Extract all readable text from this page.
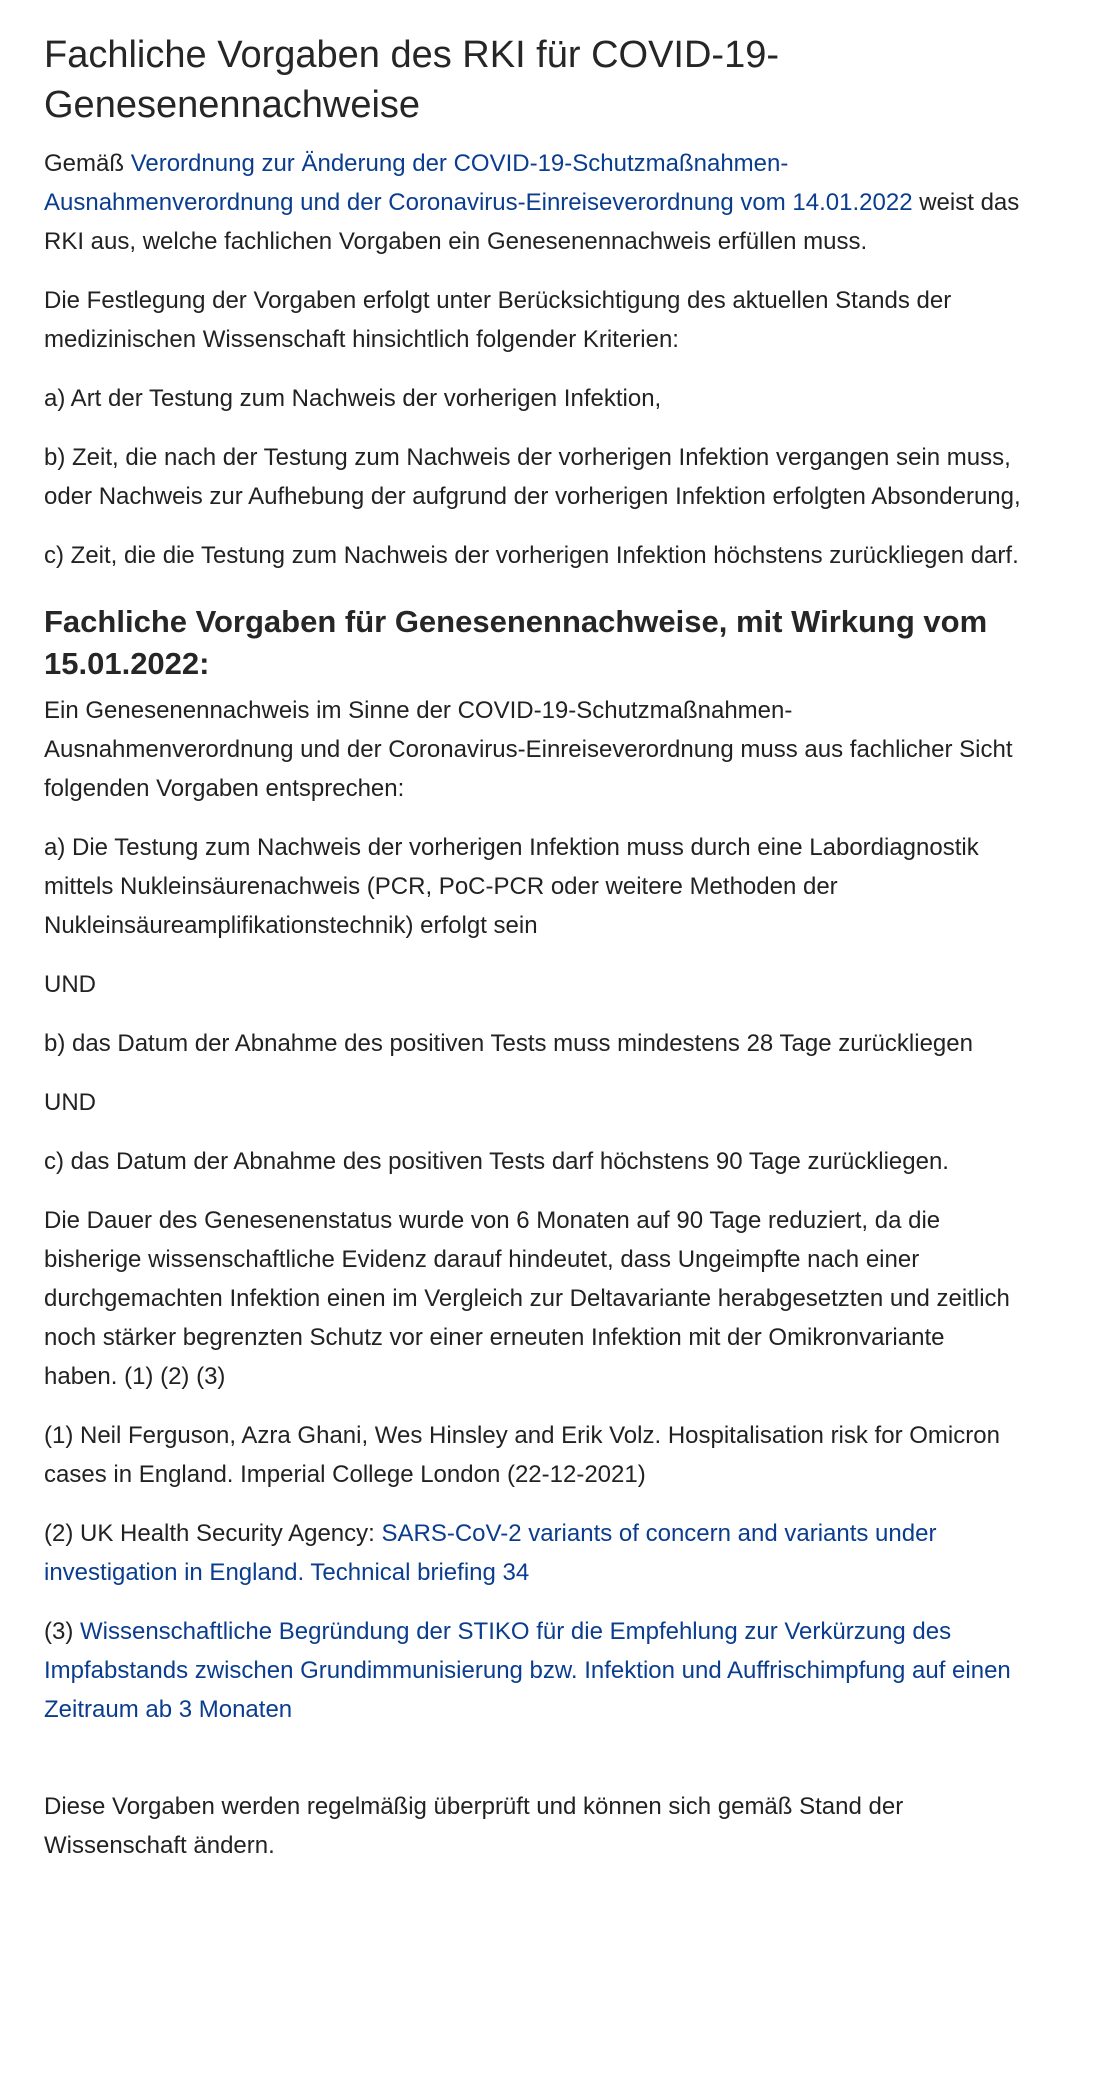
Fachliche Vorgaben des RKI für COVID-19-Genesenennachweise

Gemäß Verordnung zur Änderung der COVID-19-Schutzmaßnahmen-Ausnahmenverordnung und der Coronavirus-Einreiseverordnung vom 14.01.2022 weist das RKI aus, welche fachlichen Vorgaben ein Genesenennachweis erfüllen muss.

Die Festlegung der Vorgaben erfolgt unter Berücksichtigung des aktuellen Stands der medizinischen Wissenschaft hinsichtlich folgender Kriterien:

a) Art der Testung zum Nachweis der vorherigen Infektion,

b) Zeit, die nach der Testung zum Nachweis der vorherigen Infektion vergangen sein muss, oder Nachweis zur Aufhebung der aufgrund der vorherigen Infektion erfolgten Absonderung,

c) Zeit, die die Testung zum Nachweis der vorherigen Infektion höchstens zurückliegen darf.

Fachliche Vorgaben für Genesenennachweise, mit Wirkung vom 15.01.2022:

Ein Genesenennachweis im Sinne der COVID-19-Schutzmaßnahmen-Ausnahmenverordnung und der Coronavirus-Einreiseverordnung muss aus fachlicher Sicht folgenden Vorgaben entsprechen:

a) Die Testung zum Nachweis der vorherigen Infektion muss durch eine Labordiagnostik mittels Nukleinsäurenachweis (PCR, PoC-PCR oder weitere Methoden der Nukleinsäureamplifikationstechnik) erfolgt sein

UND

b) das Datum der Abnahme des positiven Tests muss mindestens 28 Tage zurückliegen

UND

c) das Datum der Abnahme des positiven Tests darf höchstens 90 Tage zurückliegen.

Die Dauer des Genesenenstatus wurde von 6 Monaten auf 90 Tage reduziert, da die bisherige wissenschaftliche Evidenz darauf hindeutet, dass Ungeimpfte nach einer durchgemachten Infektion einen im Vergleich zur Deltavariante herabgesetzten und zeitlich noch stärker begrenzten Schutz vor einer erneuten Infektion mit der Omikronvariante haben. (1) (2) (3)

(1) Neil Ferguson, Azra Ghani, Wes Hinsley and Erik Volz. Hospitalisation risk for Omicron cases in England. Imperial College London (22-12-2021)

(2) UK Health Security Agency: SARS-CoV-2 variants of concern and variants under investigation in England. Technical briefing 34

(3) Wissenschaftliche Begründung der STIKO für die Empfehlung zur Verkürzung des Impfabstands zwischen Grundimmunisierung bzw. Infektion und Auffrischimpfung auf einen Zeitraum ab 3 Monaten

Diese Vorgaben werden regelmäßig überprüft und können sich gemäß Stand der Wissenschaft ändern.
